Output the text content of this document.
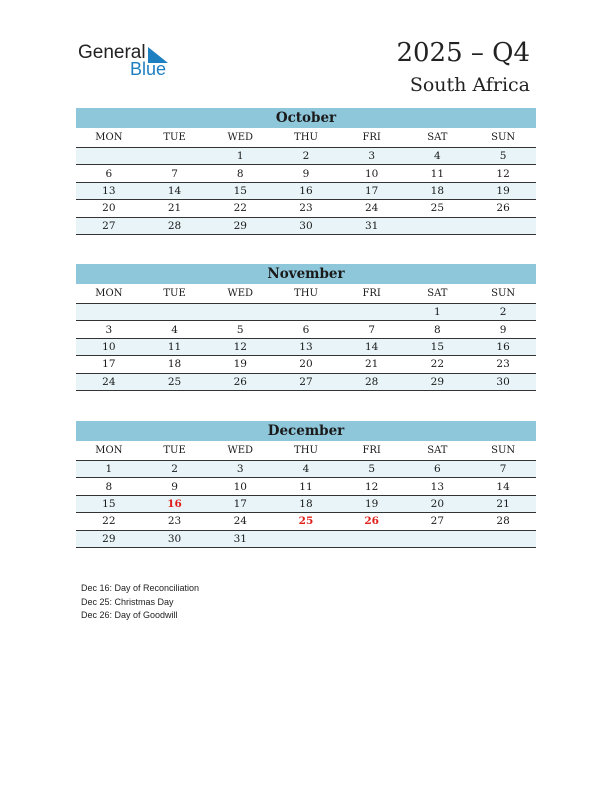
General
Blue
2025 – Q4
South Africa
October
MON	TUE	WED	THU	FRI	SAT	SUN
		1	2	3	4	5
6	7	8	9	10	11	12
13	14	15	16	17	18	19
20	21	22	23	24	25	26
27	28	29	30	31		
November
MON	TUE	WED	THU	FRI	SAT	SUN
					1	2
3	4	5	6	7	8	9
10	11	12	13	14	15	16
17	18	19	20	21	22	23
24	25	26	27	28	29	30
December
MON	TUE	WED	THU	FRI	SAT	SUN
1	2	3	4	5	6	7
8	9	10	11	12	13	14
15	16	17	18	19	20	21
22	23	24	25	26	27	28
29	30	31				
Dec 16: Day of Reconciliation
Dec 25: Christmas Day
Dec 26: Day of Goodwill
